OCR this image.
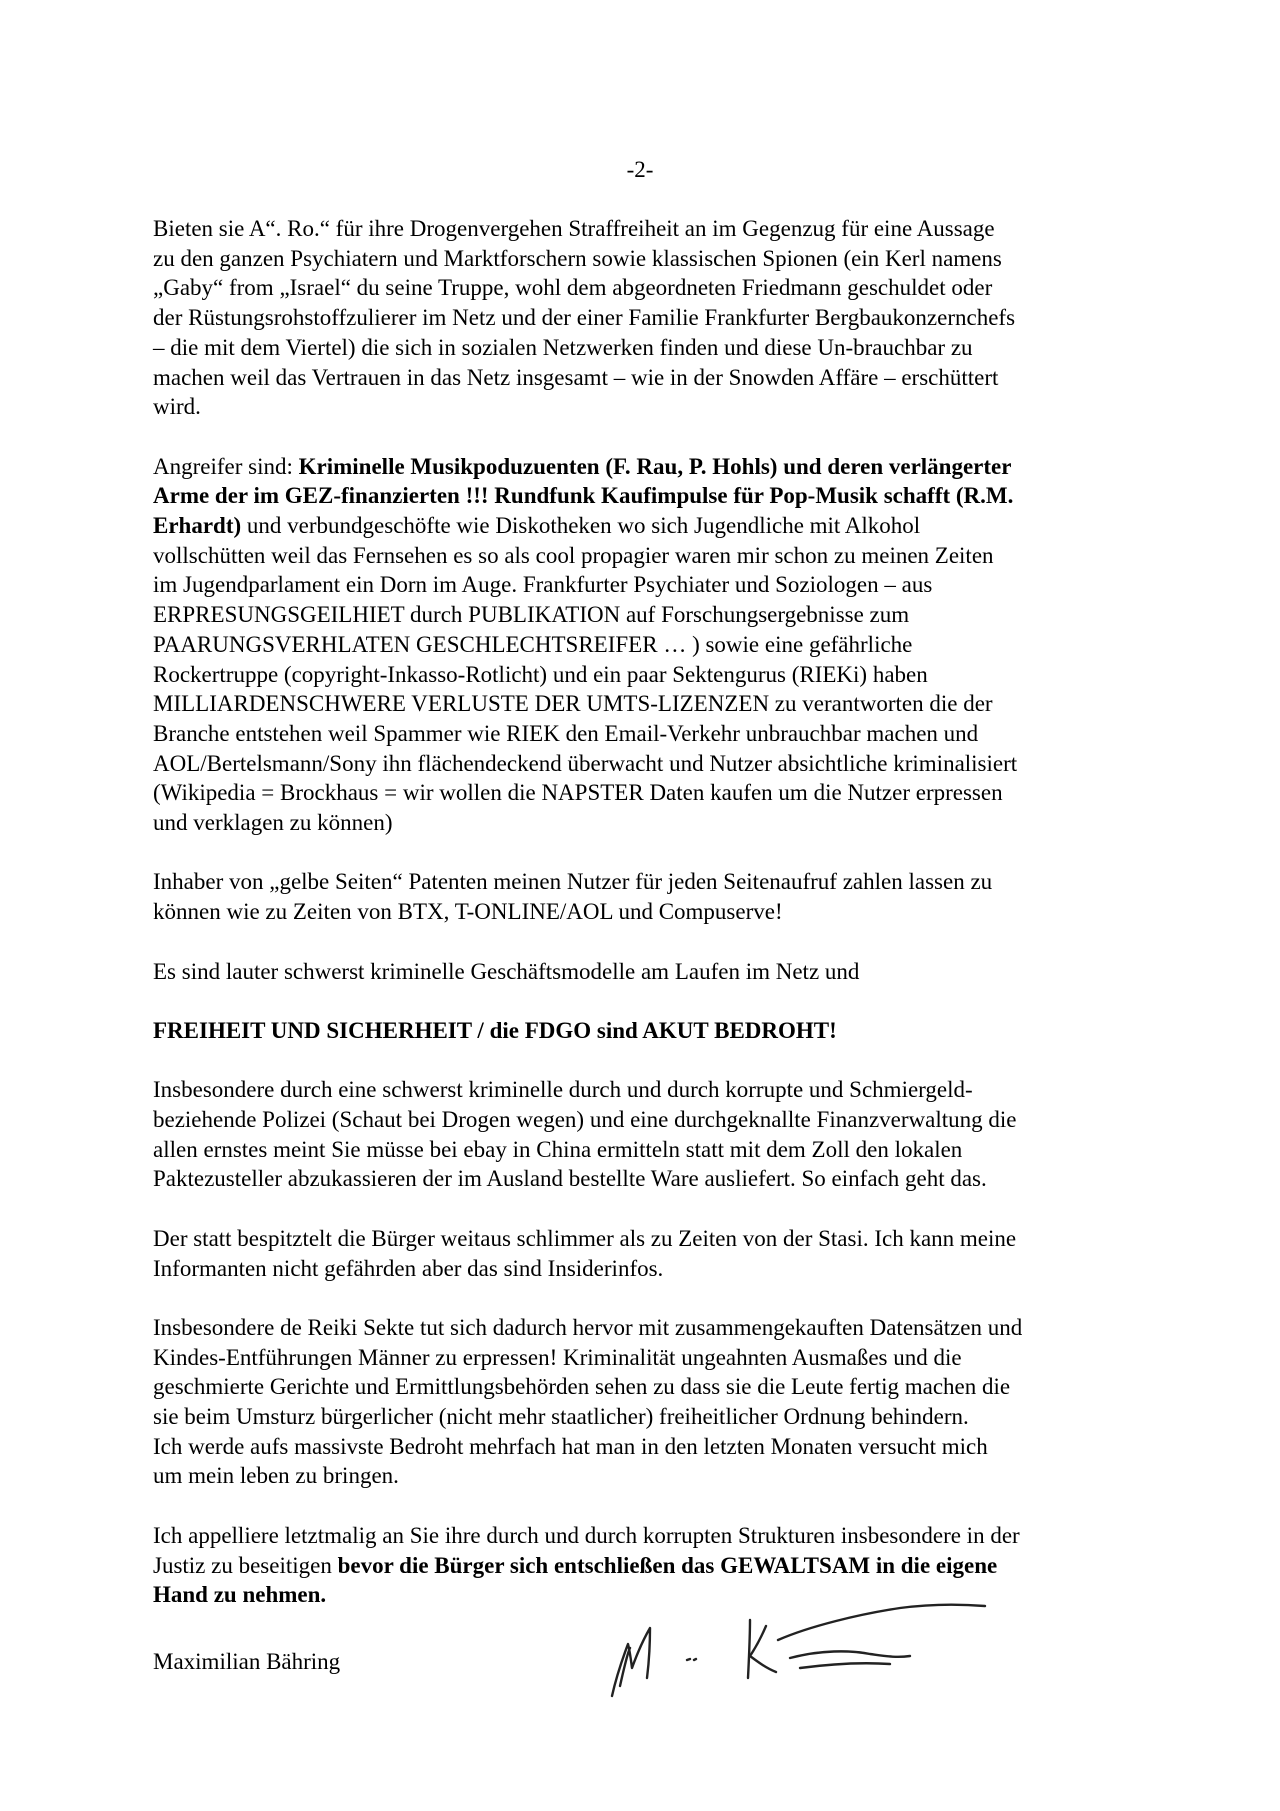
-2-

Bieten sie A“. Ro.“ für ihre Drogenvergehen Straffreiheit an im Gegenzug für eine Aussage
zu den ganzen Psychiatern und Marktforschern sowie klassischen Spionen (ein Kerl namens
„Gaby“ from „Israel“ du seine Truppe, wohl dem abgeordneten Friedmann geschuldet oder
der Rüstungsrohstoffzulierer im Netz und der einer Familie Frankfurter Bergbaukonzernchefs
– die mit dem Viertel) die sich in sozialen Netzwerken finden und diese Un-brauchbar zu
machen weil das Vertrauen in das Netz insgesamt – wie in der Snowden Affäre – erschüttert
wird.

Angreifer sind: Kriminelle Musikpoduzuenten (F. Rau, P. Hohls) und deren verlängerter
Arme der im GEZ-finanzierten !!! Rundfunk Kaufimpulse für Pop-Musik schafft (R.M.
Erhardt) und verbundgeschöfte wie Diskotheken wo sich Jugendliche mit Alkohol
vollschütten weil das Fernsehen es so als cool propagier waren mir schon zu meinen Zeiten
im Jugendparlament ein Dorn im Auge. Frankfurter Psychiater und Soziologen – aus
ERPRESUNGSGEILHIET durch PUBLIKATION auf Forschungsergebnisse zum
PAARUNGSVERHLATEN GESCHLECHTSREIFER … ) sowie eine gefährliche
Rockertruppe (copyright-Inkasso-Rotlicht) und ein paar Sektengurus (RIEKi) haben
MILLIARDENSCHWERE VERLUSTE DER UMTS-LIZENZEN zu verantworten die der
Branche entstehen weil Spammer wie RIEK den Email-Verkehr unbrauchbar machen und
AOL/Bertelsmann/Sony ihn flächendeckend überwacht und Nutzer absichtliche kriminalisiert
(Wikipedia = Brockhaus = wir wollen die NAPSTER Daten kaufen um die Nutzer erpressen
und verklagen zu können)

Inhaber von „gelbe Seiten“ Patenten meinen Nutzer für jeden Seitenaufruf zahlen lassen zu
können wie zu Zeiten von BTX, T-ONLINE/AOL und Compuserve!

Es sind lauter schwerst kriminelle Geschäftsmodelle am Laufen im Netz und

FREIHEIT UND SICHERHEIT / die FDGO sind AKUT BEDROHT!

Insbesondere durch eine schwerst kriminelle durch und durch korrupte und Schmiergeld-
beziehende Polizei (Schaut bei Drogen wegen) und eine durchgeknallte Finanzverwaltung die
allen ernstes meint Sie müsse bei ebay in China ermitteln statt mit dem Zoll den lokalen
Paktezusteller abzukassieren der im Ausland bestellte Ware ausliefert. So einfach geht das.

Der statt bespitztelt die Bürger weitaus schlimmer als zu Zeiten von der Stasi. Ich kann meine
Informanten nicht gefährden aber das sind Insiderinfos.

Insbesondere de Reiki Sekte tut sich dadurch hervor mit zusammengekauften Datensätzen und
Kindes-Entführungen Männer zu erpressen! Kriminalität ungeahnten Ausmaßes und die
geschmierte Gerichte und Ermittlungsbehörden sehen zu dass sie die Leute fertig machen die
sie beim Umsturz bürgerlicher (nicht mehr staatlicher) freiheitlicher Ordnung behindern.
Ich werde aufs massivste Bedroht mehrfach hat man in den letzten Monaten versucht mich
um mein leben zu bringen.

Ich appelliere letztmalig an Sie ihre durch und durch korrupten Strukturen insbesondere in der
Justiz zu beseitigen bevor die Bürger sich entschließen das GEWALTSAM in die eigene
Hand zu nehmen.

Maximilian Bähring
